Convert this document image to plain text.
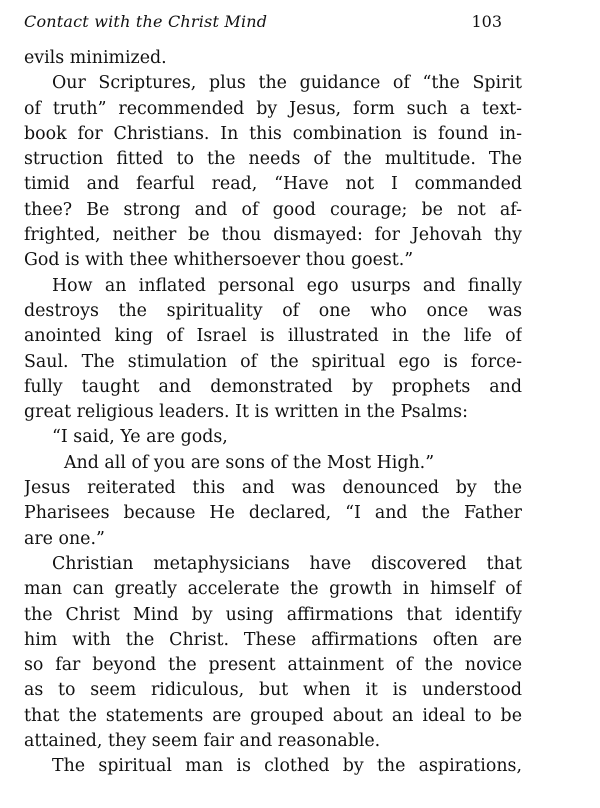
Contact with the Christ Mind	103
evils minimized.
Our Scriptures, plus the guidance of “the Spirit
of truth” recommended by Jesus, form such a text-
book for Christians. In this combination is found in-
struction fitted to the needs of the multitude. The
timid and fearful read, “Have not I commanded
thee? Be strong and of good courage; be not af-
frighted, neither be thou dismayed: for Jehovah thy
God is with thee whithersoever thou goest.”
How an inflated personal ego usurps and finally
destroys the spirituality of one who once was
anointed king of Israel is illustrated in the life of
Saul. The stimulation of the spiritual ego is force-
fully taught and demonstrated by prophets and
great religious leaders. It is written in the Psalms:
“I said, Ye are gods,
And all of you are sons of the Most High.”
Jesus reiterated this and was denounced by the
Pharisees because He declared, “I and the Father
are one.”
Christian metaphysicians have discovered that
man can greatly accelerate the growth in himself of
the Christ Mind by using affirmations that identify
him with the Christ. These affirmations often are
so far beyond the present attainment of the novice
as to seem ridiculous, but when it is understood
that the statements are grouped about an ideal to be
attained, they seem fair and reasonable.
The spiritual man is clothed by the aspirations,
